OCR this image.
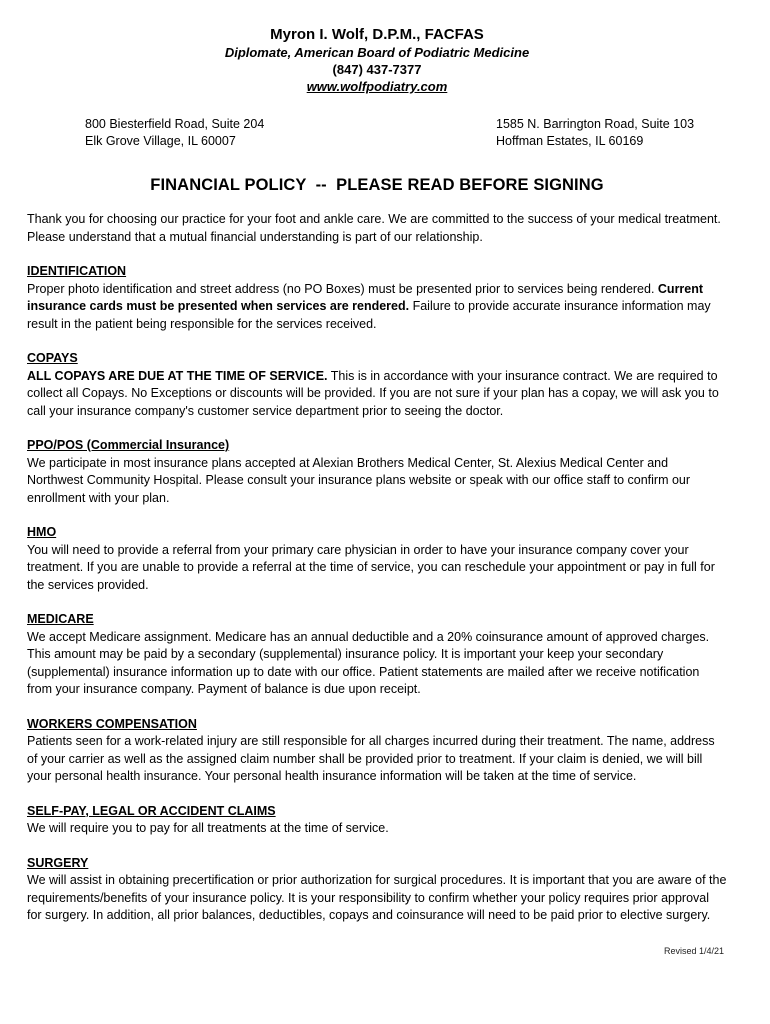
Myron I. Wolf, D.P.M., FACFAS
Diplomate, American Board of Podiatric Medicine
(847) 437-7377
www.wolfpodiatry.com
800 Biesterfield Road, Suite 204
Elk Grove Village, IL 60007
1585 N. Barrington Road, Suite 103
Hoffman Estates, IL 60169
FINANCIAL POLICY  --  PLEASE READ BEFORE SIGNING

Thank you for choosing our practice for your foot and ankle care. We are committed to the success of your medical treatment. Please understand that a mutual financial understanding is part of our relationship.

IDENTIFICATION

Proper photo identification and street address (no PO Boxes) must be presented prior to services being rendered. Current insurance cards must be presented when services are rendered. Failure to provide accurate insurance information may result in the patient being responsible for the services received.

COPAYS

ALL COPAYS ARE DUE AT THE TIME OF SERVICE. This is in accordance with your insurance contract. We are required to collect all Copays. No Exceptions or discounts will be provided. If you are not sure if your plan has a copay, we will ask you to call your insurance company's customer service department prior to seeing the doctor.

PPO/POS (Commercial Insurance)

We participate in most insurance plans accepted at Alexian Brothers Medical Center, St. Alexius Medical Center and Northwest Community Hospital. Please consult your insurance plans website or speak with our office staff to confirm our enrollment with your plan.

HMO

You will need to provide a referral from your primary care physician in order to have your insurance company cover your treatment. If you are unable to provide a referral at the time of service, you can reschedule your appointment or pay in full for the services provided.

MEDICARE

We accept Medicare assignment. Medicare has an annual deductible and a 20% coinsurance amount of approved charges. This amount may be paid by a secondary (supplemental) insurance policy. It is important your keep your secondary (supplemental) insurance information up to date with our office. Patient statements are mailed after we receive notification from your insurance company. Payment of balance is due upon receipt.

WORKERS COMPENSATION

Patients seen for a work-related injury are still responsible for all charges incurred during their treatment. The name, address of your carrier as well as the assigned claim number shall be provided prior to treatment. If your claim is denied, we will bill your personal health insurance. Your personal health insurance information will be taken at the time of service.

SELF-PAY, LEGAL OR ACCIDENT CLAIMS

We will require you to pay for all treatments at the time of service.

SURGERY

We will assist in obtaining precertification or prior authorization for surgical procedures. It is important that you are aware of the requirements/benefits of your insurance policy. It is your responsibility to confirm whether your policy requires prior approval for surgery. In addition, all prior balances, deductibles, copays and coinsurance will need to be paid prior to elective surgery.

Revised 1/4/21
